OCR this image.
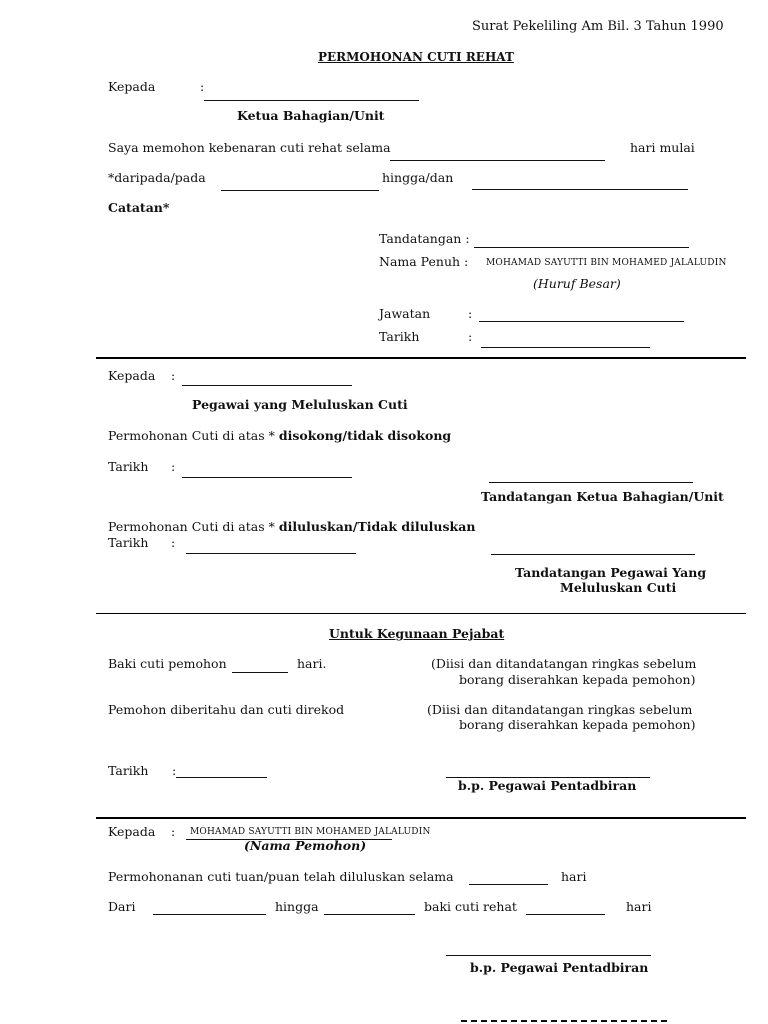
Surat Pekeliling Am Bil. 3 Tahun 1990
PERMOHONAN CUTI REHAT
Kepada	:
Ketua Bahagian/Unit
Saya memohon kebenaran cuti rehat selama	hari mulai
*daripada/pada	hingga/dan
Catatan*
Tandatangan :
Nama Penuh : MOHAMAD SAYUTTI BIN MOHAMED JALALUDIN
(Huruf Besar)
Jawatan	:
Tarikh	:
Kepada :
Pegawai yang Meluluskan Cuti
Permohonan Cuti di atas * disokong/tidak disokong
Tarikh :
Tandatangan Ketua Bahagian/Unit
Permohonan Cuti di atas * diluluskan/Tidak diluluskan
Tarikh :
Tandatangan Pegawai Yang
Meluluskan Cuti
Untuk Kegunaan Pejabat
Baki cuti pemohon	hari.	(Diisi dan ditandatangan ringkas sebelum
borang diserahkan kepada pemohon)
Pemohon diberitahu dan cuti direkod	(Diisi dan ditandatangan ringkas sebelum
borang diserahkan kepada pemohon)
Tarikh :
b.p. Pegawai Pentadbiran
Kepada : MOHAMAD SAYUTTI BIN MOHAMED JALALUDIN
(Nama Pemohon)
Permohonanan cuti tuan/puan telah diluluskan selama	hari
Dari	hingga	baki cuti rehat	hari
b.p. Pegawai Pentadbiran
